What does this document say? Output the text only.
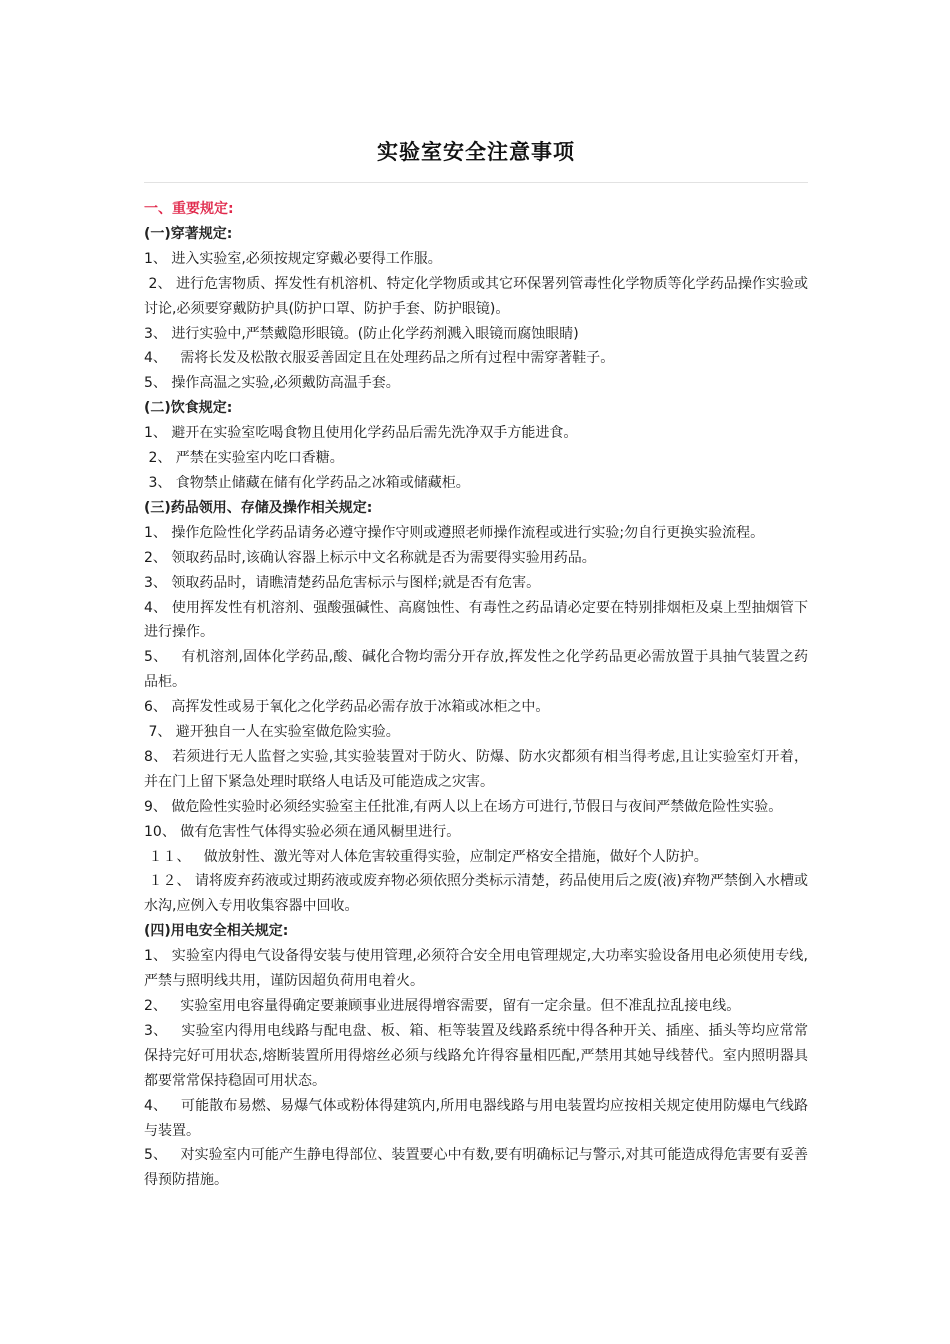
实验室安全注意事项

一、重要规定:

(一)穿著规定:

1、 进入实验室,必须按规定穿戴必要得工作服。

2、 进行危害物质、挥发性有机溶机、特定化学物质或其它环保署列管毒性化学物质等化学药品操作实验或讨论,必须要穿戴防护具(防护口罩、防护手套、防护眼镜)。

3、 进行实验中,严禁戴隐形眼镜。(防止化学药剂溅入眼镜而腐蚀眼睛)

4、   需将长发及松散衣服妥善固定且在处理药品之所有过程中需穿著鞋子。

5、 操作高温之实验,必须戴防高温手套。

(二)饮食规定:

1、 避开在实验室吃喝食物且使用化学药品后需先洗净双手方能进食。

2、 严禁在实验室内吃口香糖。

3、 食物禁止储藏在储有化学药品之冰箱或储藏柜。

(三)药品领用、存储及操作相关规定:

1、 操作危险性化学药品请务必遵守操作守则或遵照老师操作流程或进行实验;勿自行更换实验流程。

2、 领取药品时,该确认容器上标示中文名称就是否为需要得实验用药品。

3、 领取药品时，请瞧清楚药品危害标示与图样;就是否有危害。

4、 使用挥发性有机溶剂、强酸强碱性、高腐蚀性、有毒性之药品请必定要在特别排烟柜及桌上型抽烟管下进行操作。

5、   有机溶剂,固体化学药品,酸、碱化合物均需分开存放,挥发性之化学药品更必需放置于具抽气装置之药品柜。

6、 高挥发性或易于氧化之化学药品必需存放于冰箱或冰柜之中。

7、 避开独自一人在实验室做危险实验。

8、 若须进行无人监督之实验,其实验装置对于防火、防爆、防水灾都须有相当得考虑,且让实验室灯开着，并在门上留下紧急处理时联络人电话及可能造成之灾害。

9、 做危险性实验时必须经实验室主任批准,有两人以上在场方可进行,节假日与夜间严禁做危险性实验。

10、 做有危害性气体得实验必须在通风橱里进行。

１１、   做放射性、激光等对人体危害较重得实验，应制定严格安全措施，做好个人防护。

１２、 请将废弃药液或过期药液或废弃物必须依照分类标示清楚，药品使用后之废(液)弃物严禁倒入水槽或水沟,应例入专用收集容器中回收。

(四)用电安全相关规定:

1、 实验室内得电气设备得安装与使用管理,必须符合安全用电管理规定,大功率实验设备用电必须使用专线,严禁与照明线共用，谨防因超负荷用电着火。

2、   实验室用电容量得确定要兼顾事业进展得增容需要，留有一定余量。但不准乱拉乱接电线。

3、   实验室内得用电线路与配电盘、板、箱、柜等装置及线路系统中得各种开关、插座、插头等均应常常保持完好可用状态,熔断装置所用得熔丝必须与线路允许得容量相匹配,严禁用其她导线替代。室内照明器具都要常常保持稳固可用状态。

4、   可能散布易燃、易爆气体或粉体得建筑内,所用电器线路与用电装置均应按相关规定使用防爆电气线路与装置。

5、   对实验室内可能产生静电得部位、装置要心中有数,要有明确标记与警示,对其可能造成得危害要有妥善得预防措施。
